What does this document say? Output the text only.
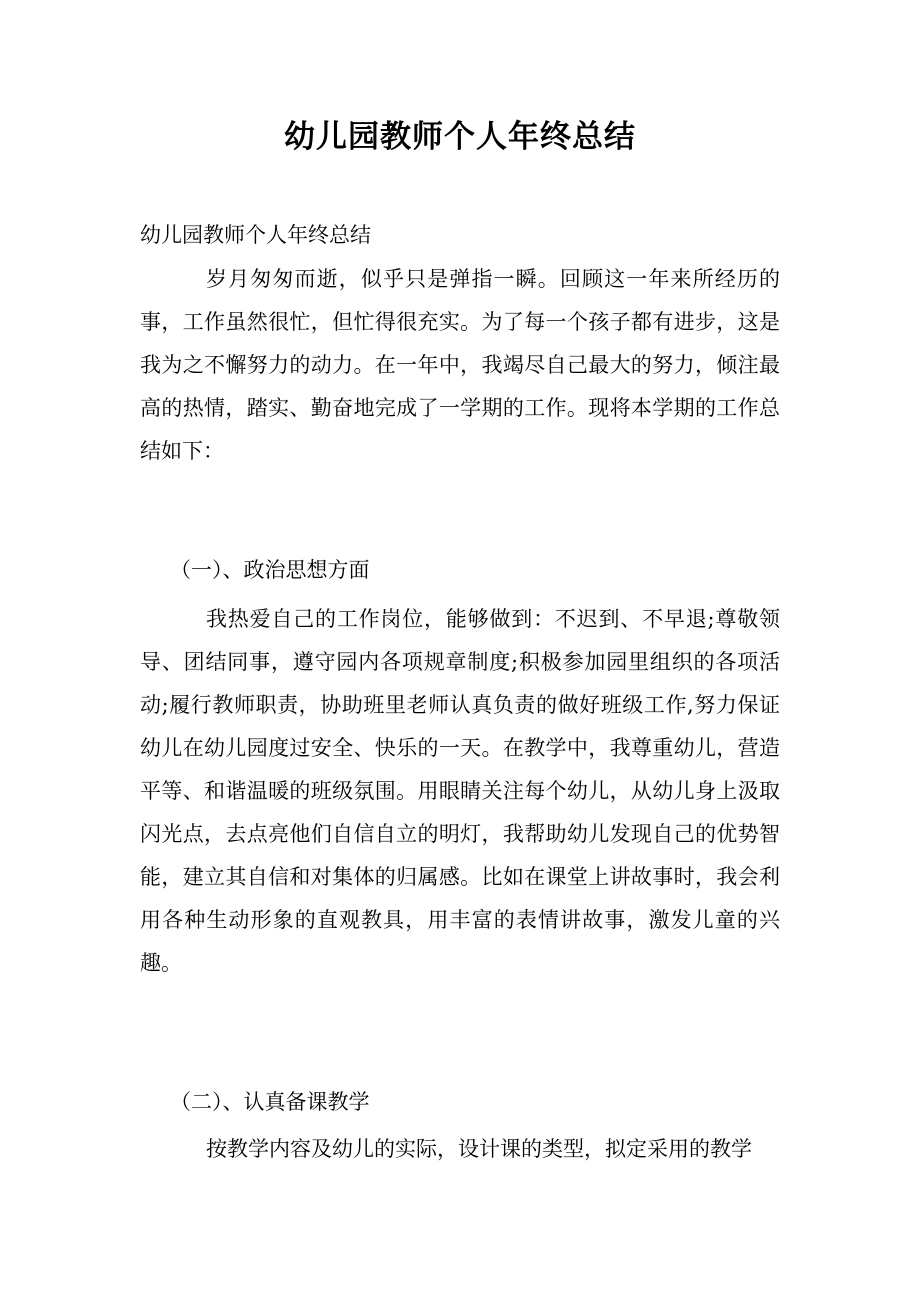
幼儿园教师个人年终总结
幼儿园教师个人年终总结

岁月匆匆而逝，似乎只是弹指一瞬。回顾这一年来所经历的事，工作虽然很忙，但忙得很充实。为了每一个孩子都有进步，这是我为之不懈努力的动力。在一年中，我竭尽自己最大的努力，倾注最高的热情，踏实、勤奋地完成了一学期的工作。现将本学期的工作总结如下：

（一）、政治思想方面

我热爱自己的工作岗位，能够做到：不迟到、不早退;尊敬领导、团结同事，遵守园内各项规章制度;积极参加园里组织的各项活动;履行教师职责，协助班里老师认真负责的做好班级工作,努力保证幼儿在幼儿园度过安全、快乐的一天。在教学中，我尊重幼儿，营造平等、和谐温暖的班级氛围。用眼睛关注每个幼儿，从幼儿身上汲取闪光点，去点亮他们自信自立的明灯，我帮助幼儿发现自己的优势智能，建立其自信和对集体的归属感。比如在课堂上讲故事时，我会利用各种生动形象的直观教具，用丰富的表情讲故事，激发儿童的兴趣。

（二）、认真备课教学

按教学内容及幼儿的实际，设计课的类型，拟定采用的教学
